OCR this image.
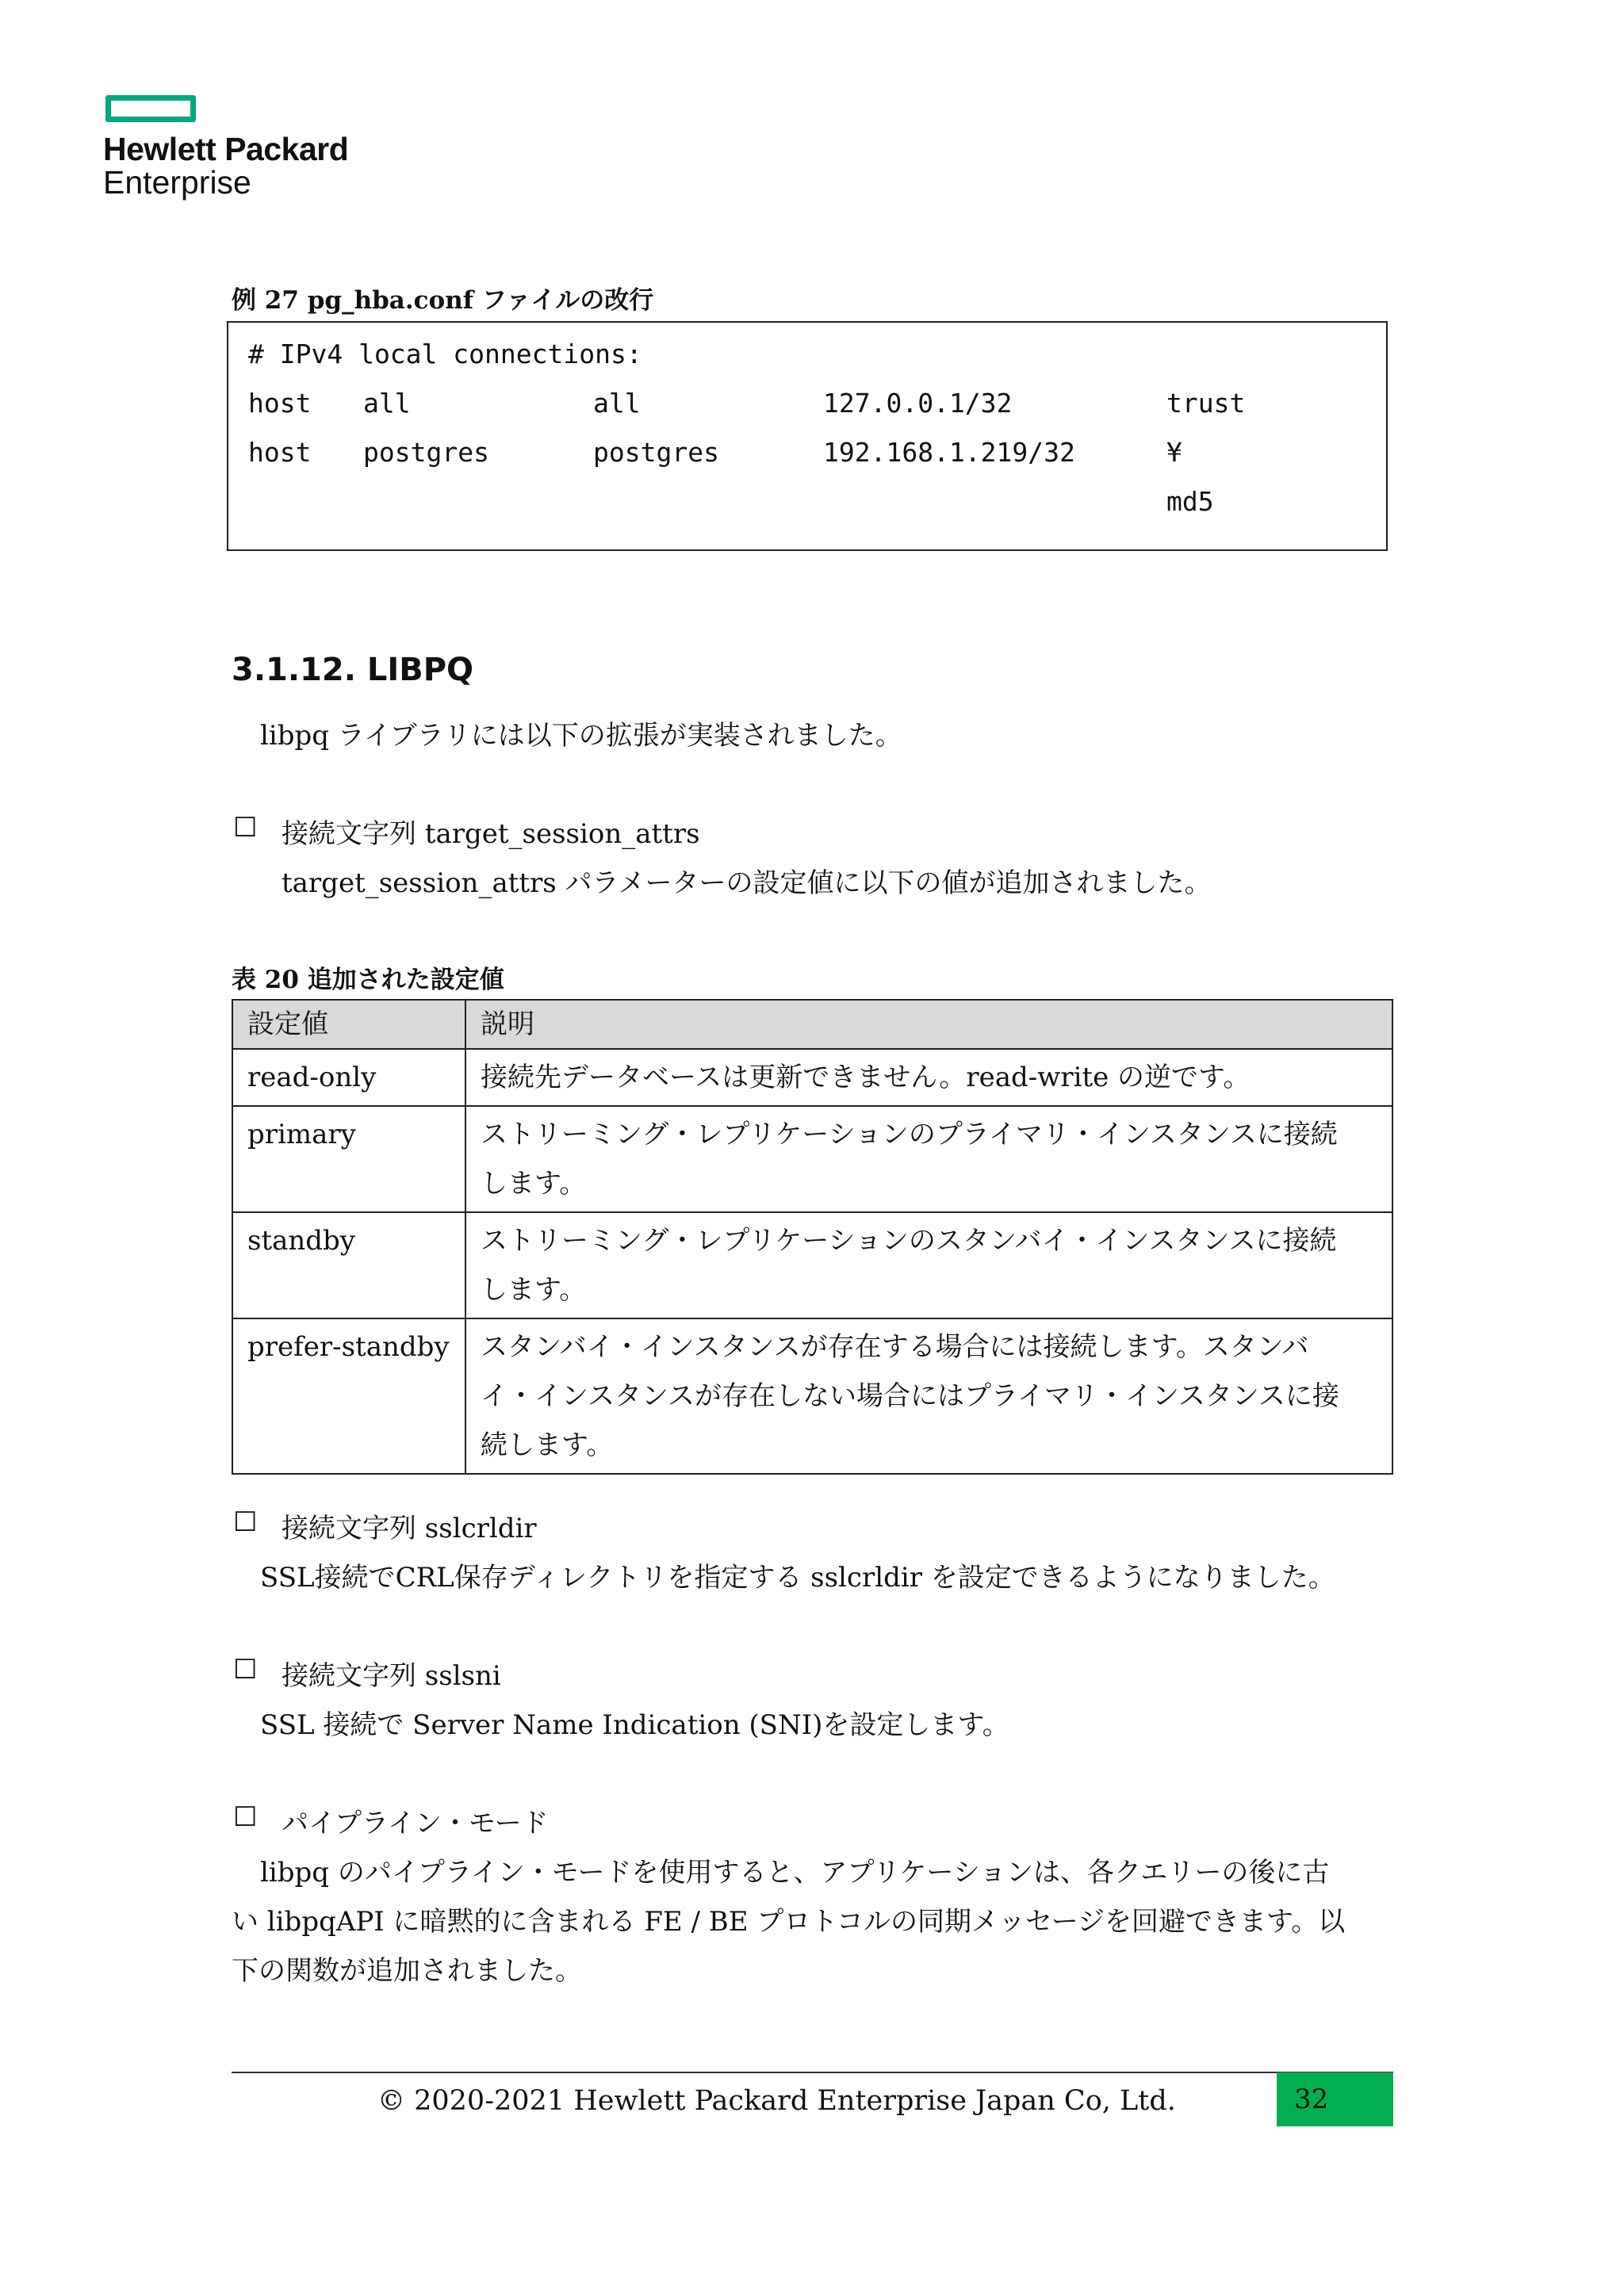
Hewlett Packard
Enterprise
例 27 pg_hba.conf ファイルの改行
# IPv4 local connections:
host all	all	127.0.0.1/32	trust
host postgres	postgres	192.168.1.219/32	¥
md5
3.1.12. LIBPQ
libpq ライブラリには以下の拡張が実装されました。
☐ 接続文字列 target_session_attrs
target_session_attrs パラメーターの設定値に以下の値が追加されました。
表 20 追加された設定値
設定値	説明
read-only	接続先データベースは更新できません。read-write の逆です。

primary	ストリーミング・レプリケーションのプライマリ・インスタンスに接続
します。

standby	ストリーミング・レプリケーションのスタンバイ・インスタンスに接続
します。

prefer-standby	スタンバイ・インスタンスが存在する場合には接続します。スタンバ
イ・インスタンスが存在しない場合にはプライマリ・インスタンスに接
続します。
☐ 接続文字列 sslcrldir
SSL接続でCRL保存ディレクトリを指定する sslcrldir を設定できるようになりました。
☐ 接続文字列 sslsni
SSL 接続で Server Name Indication (SNI)を設定します。
☐ パイプライン・モード
libpq のパイプライン・モードを使用すると、アプリケーションは、各クエリーの後に古
い libpqAPI に暗黙的に含まれる FE / BE プロトコルの同期メッセージを回避できます。以
下の関数が追加されました。
© 2020-2021 Hewlett Packard Enterprise Japan Co, Ltd.	32
